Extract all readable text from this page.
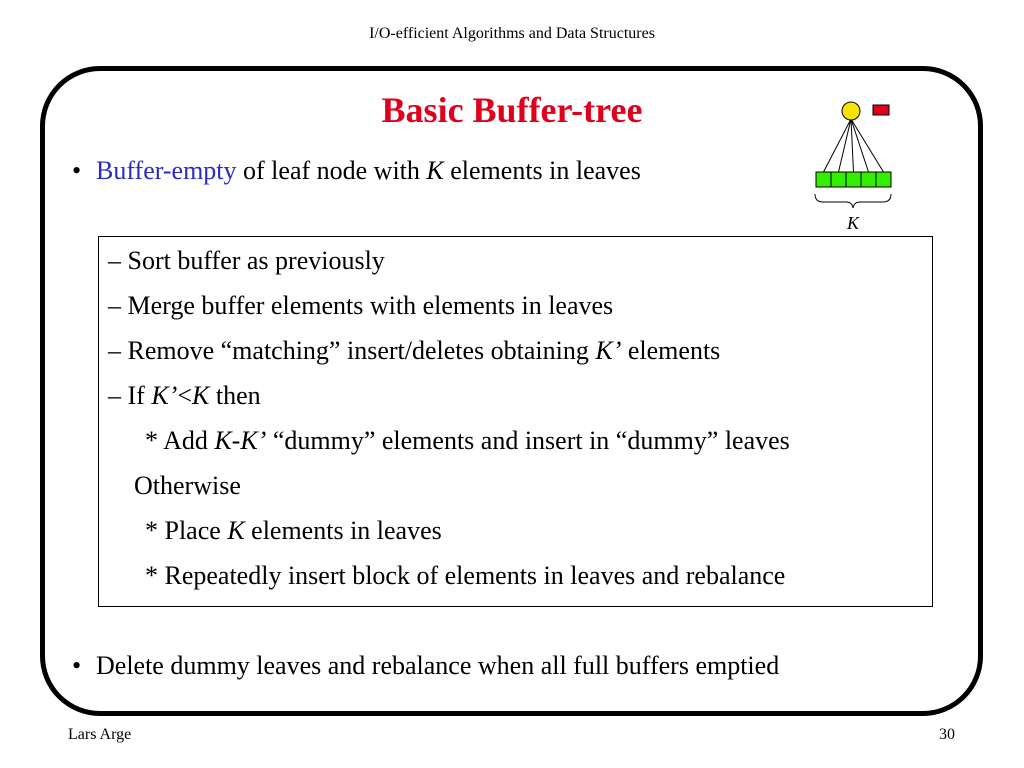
I/O-efficient Algorithms and Data Structures
Basic Buffer-tree
K
• Buffer-empty of leaf node with K elements in leaves
– Sort buffer as previously
– Merge buffer elements with elements in leaves
– Remove “matching” insert/deletes obtaining K’ elements
– If K’<K then
* Add K-K’ “dummy” elements and insert in “dummy” leaves
Otherwise
* Place K elements in leaves
* Repeatedly insert block of elements in leaves and rebalance
• Delete dummy leaves and rebalance when all full buffers emptied
Lars Arge	30
